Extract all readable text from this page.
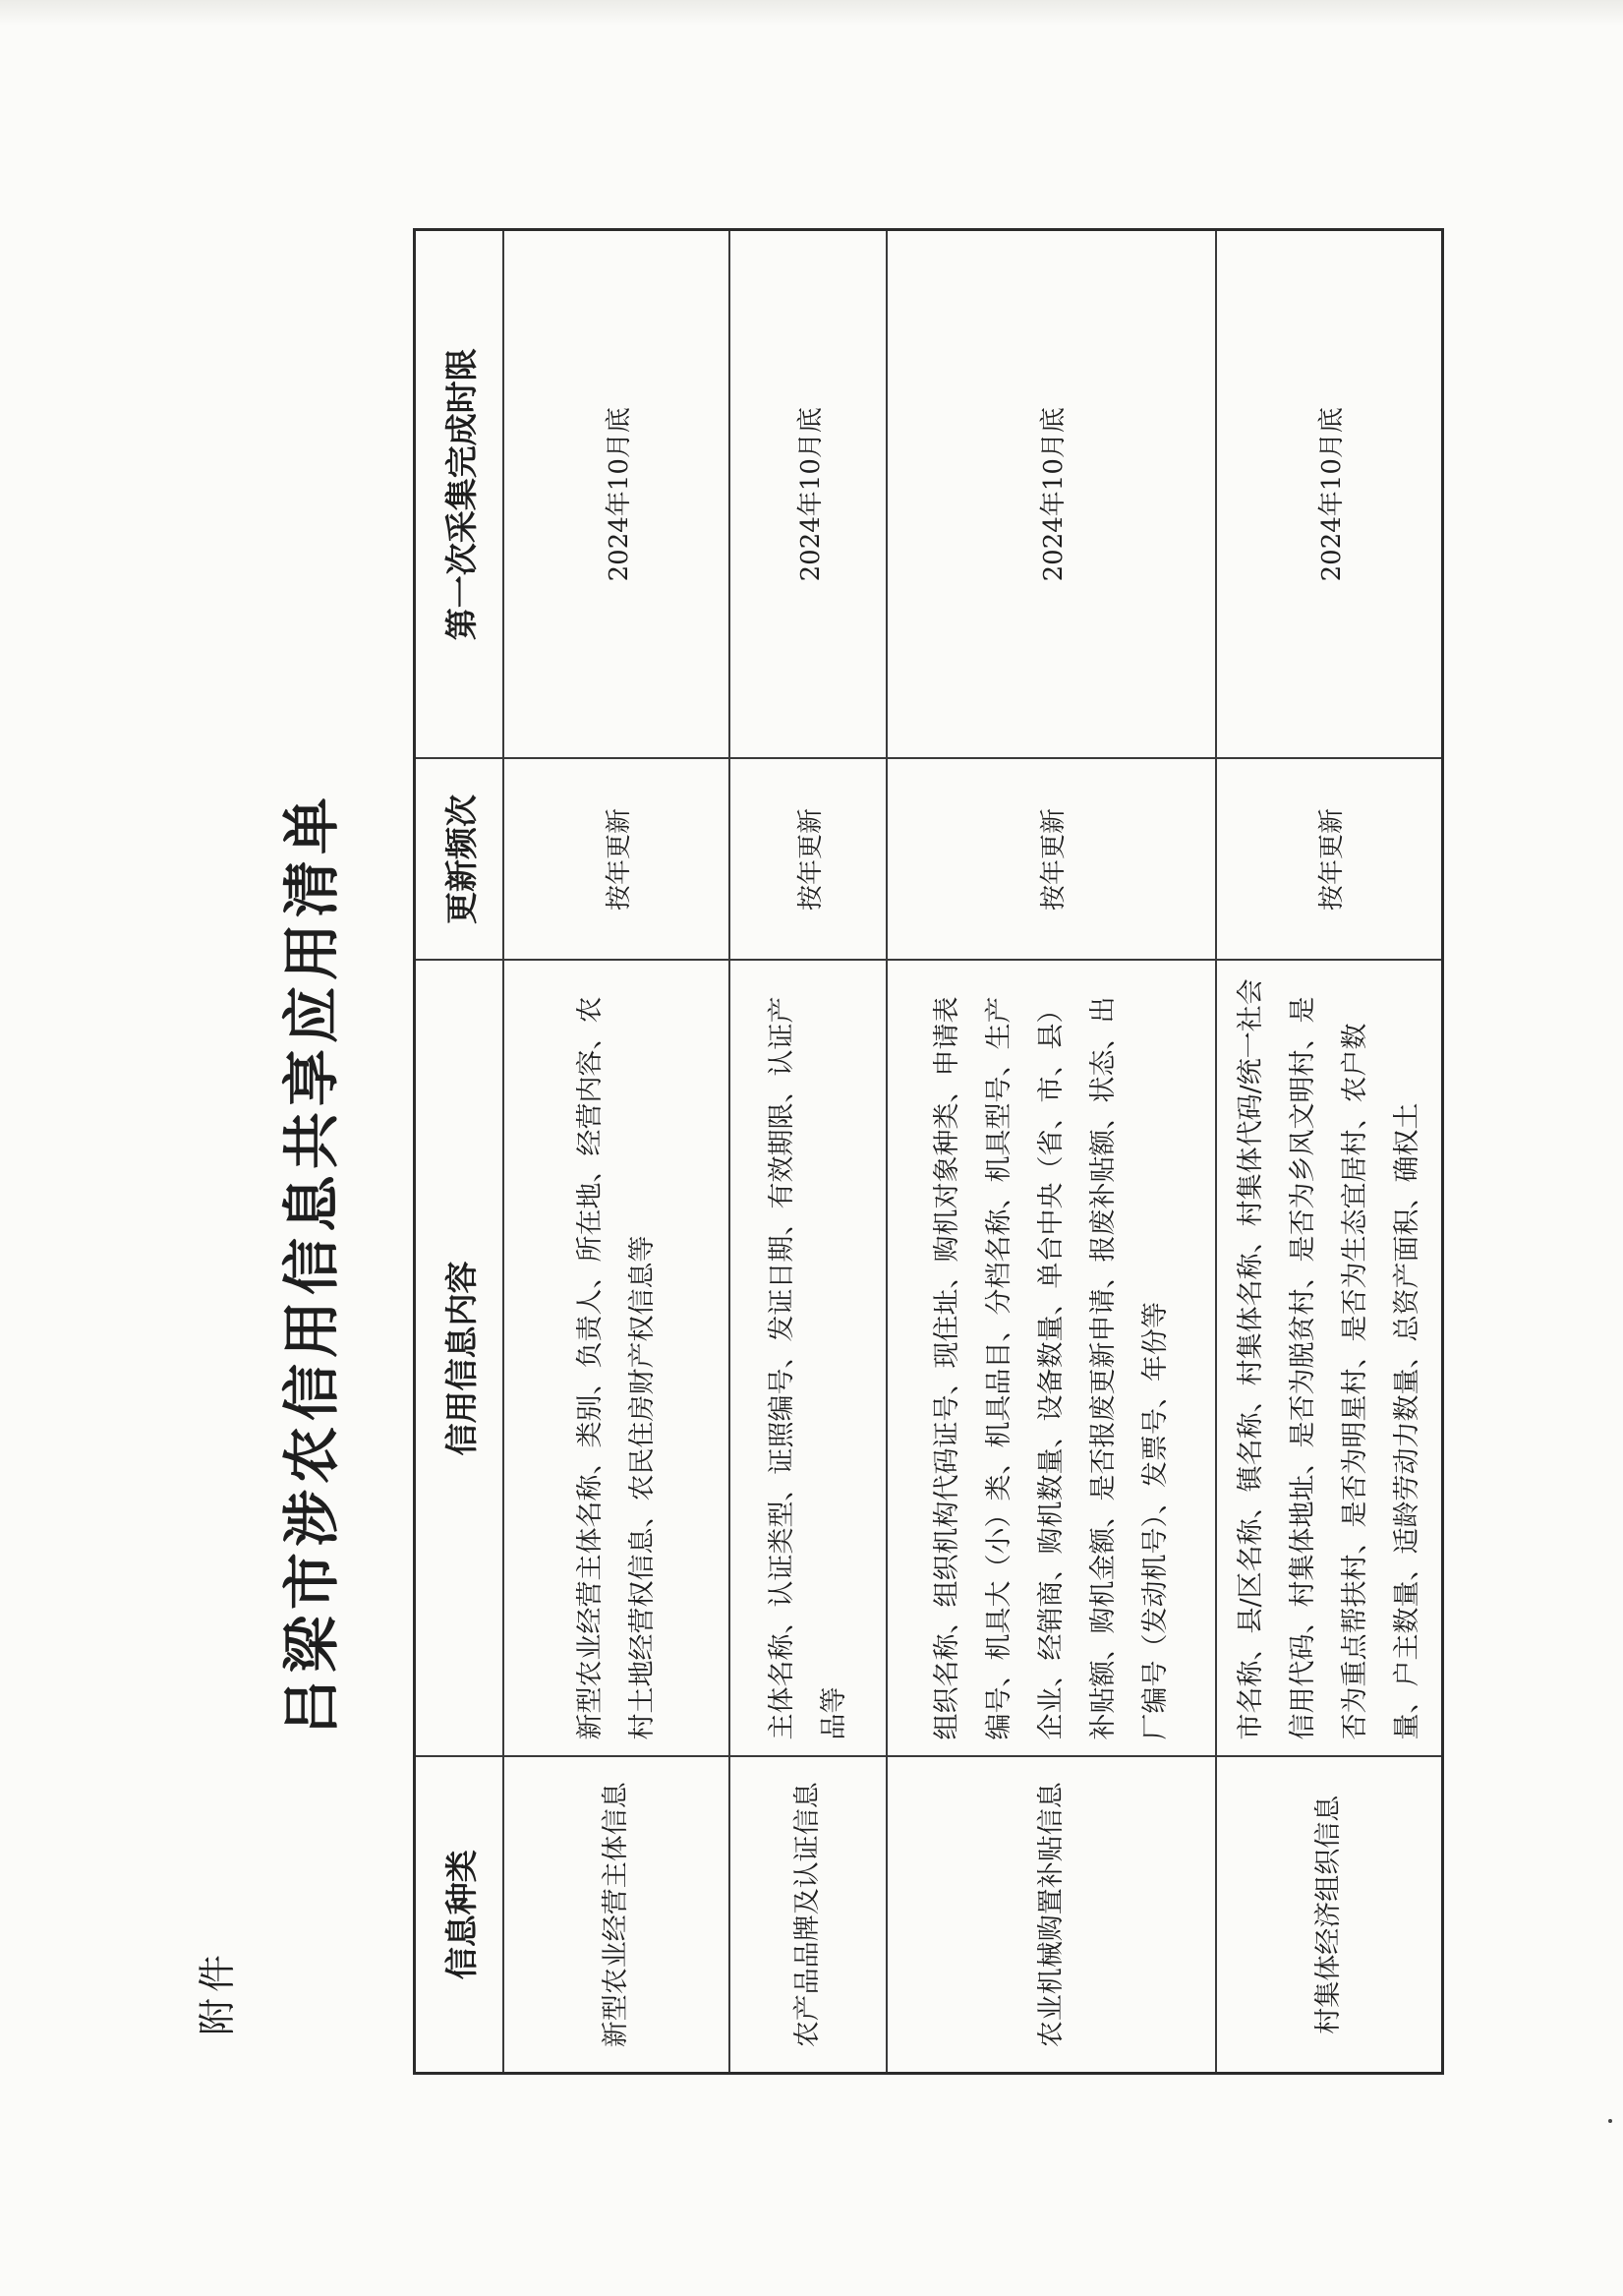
附件
吕梁市涉农信用信息共享应用清单
信息种类	信用信息内容	更新频次	第一次采集完成时限
新型农业经营主体信息	新型农业经营主体名称、类别、负责人、所在地、经营内容、农村土地经营权信息、农民住房财产权信息等	按年更新	2024年10月底
农产品品牌及认证信息	主体名称、认证类型、证照编号、发证日期、有效期限、认证产品等	按年更新	2024年10月底
农业机械购置补贴信息	组织名称、组织机构代码证号、现住址、购机对象种类、申请表编号、机具大（小）类、机具品目、分档名称、机具型号、生产企业、经销商、购机数量、设备数量、单台中央（省、市、县）补贴额、购机金额、是否报废更新申请、报废补贴额、状态、出厂编号（发动机号）、发票号、年份等	按年更新	2024年10月底
村集体经济组织信息	市名称、县/区名称、镇名称、村集体名称、村集体代码/统一社会信用代码、村集体地址、是否为脱贫村、是否为乡风文明村、是否为重点帮扶村、是否为明星村、是否为生态宜居村、农户数量、户主数量、适龄劳动力数量、总资产面积、确权土	按年更新	2024年10月底
